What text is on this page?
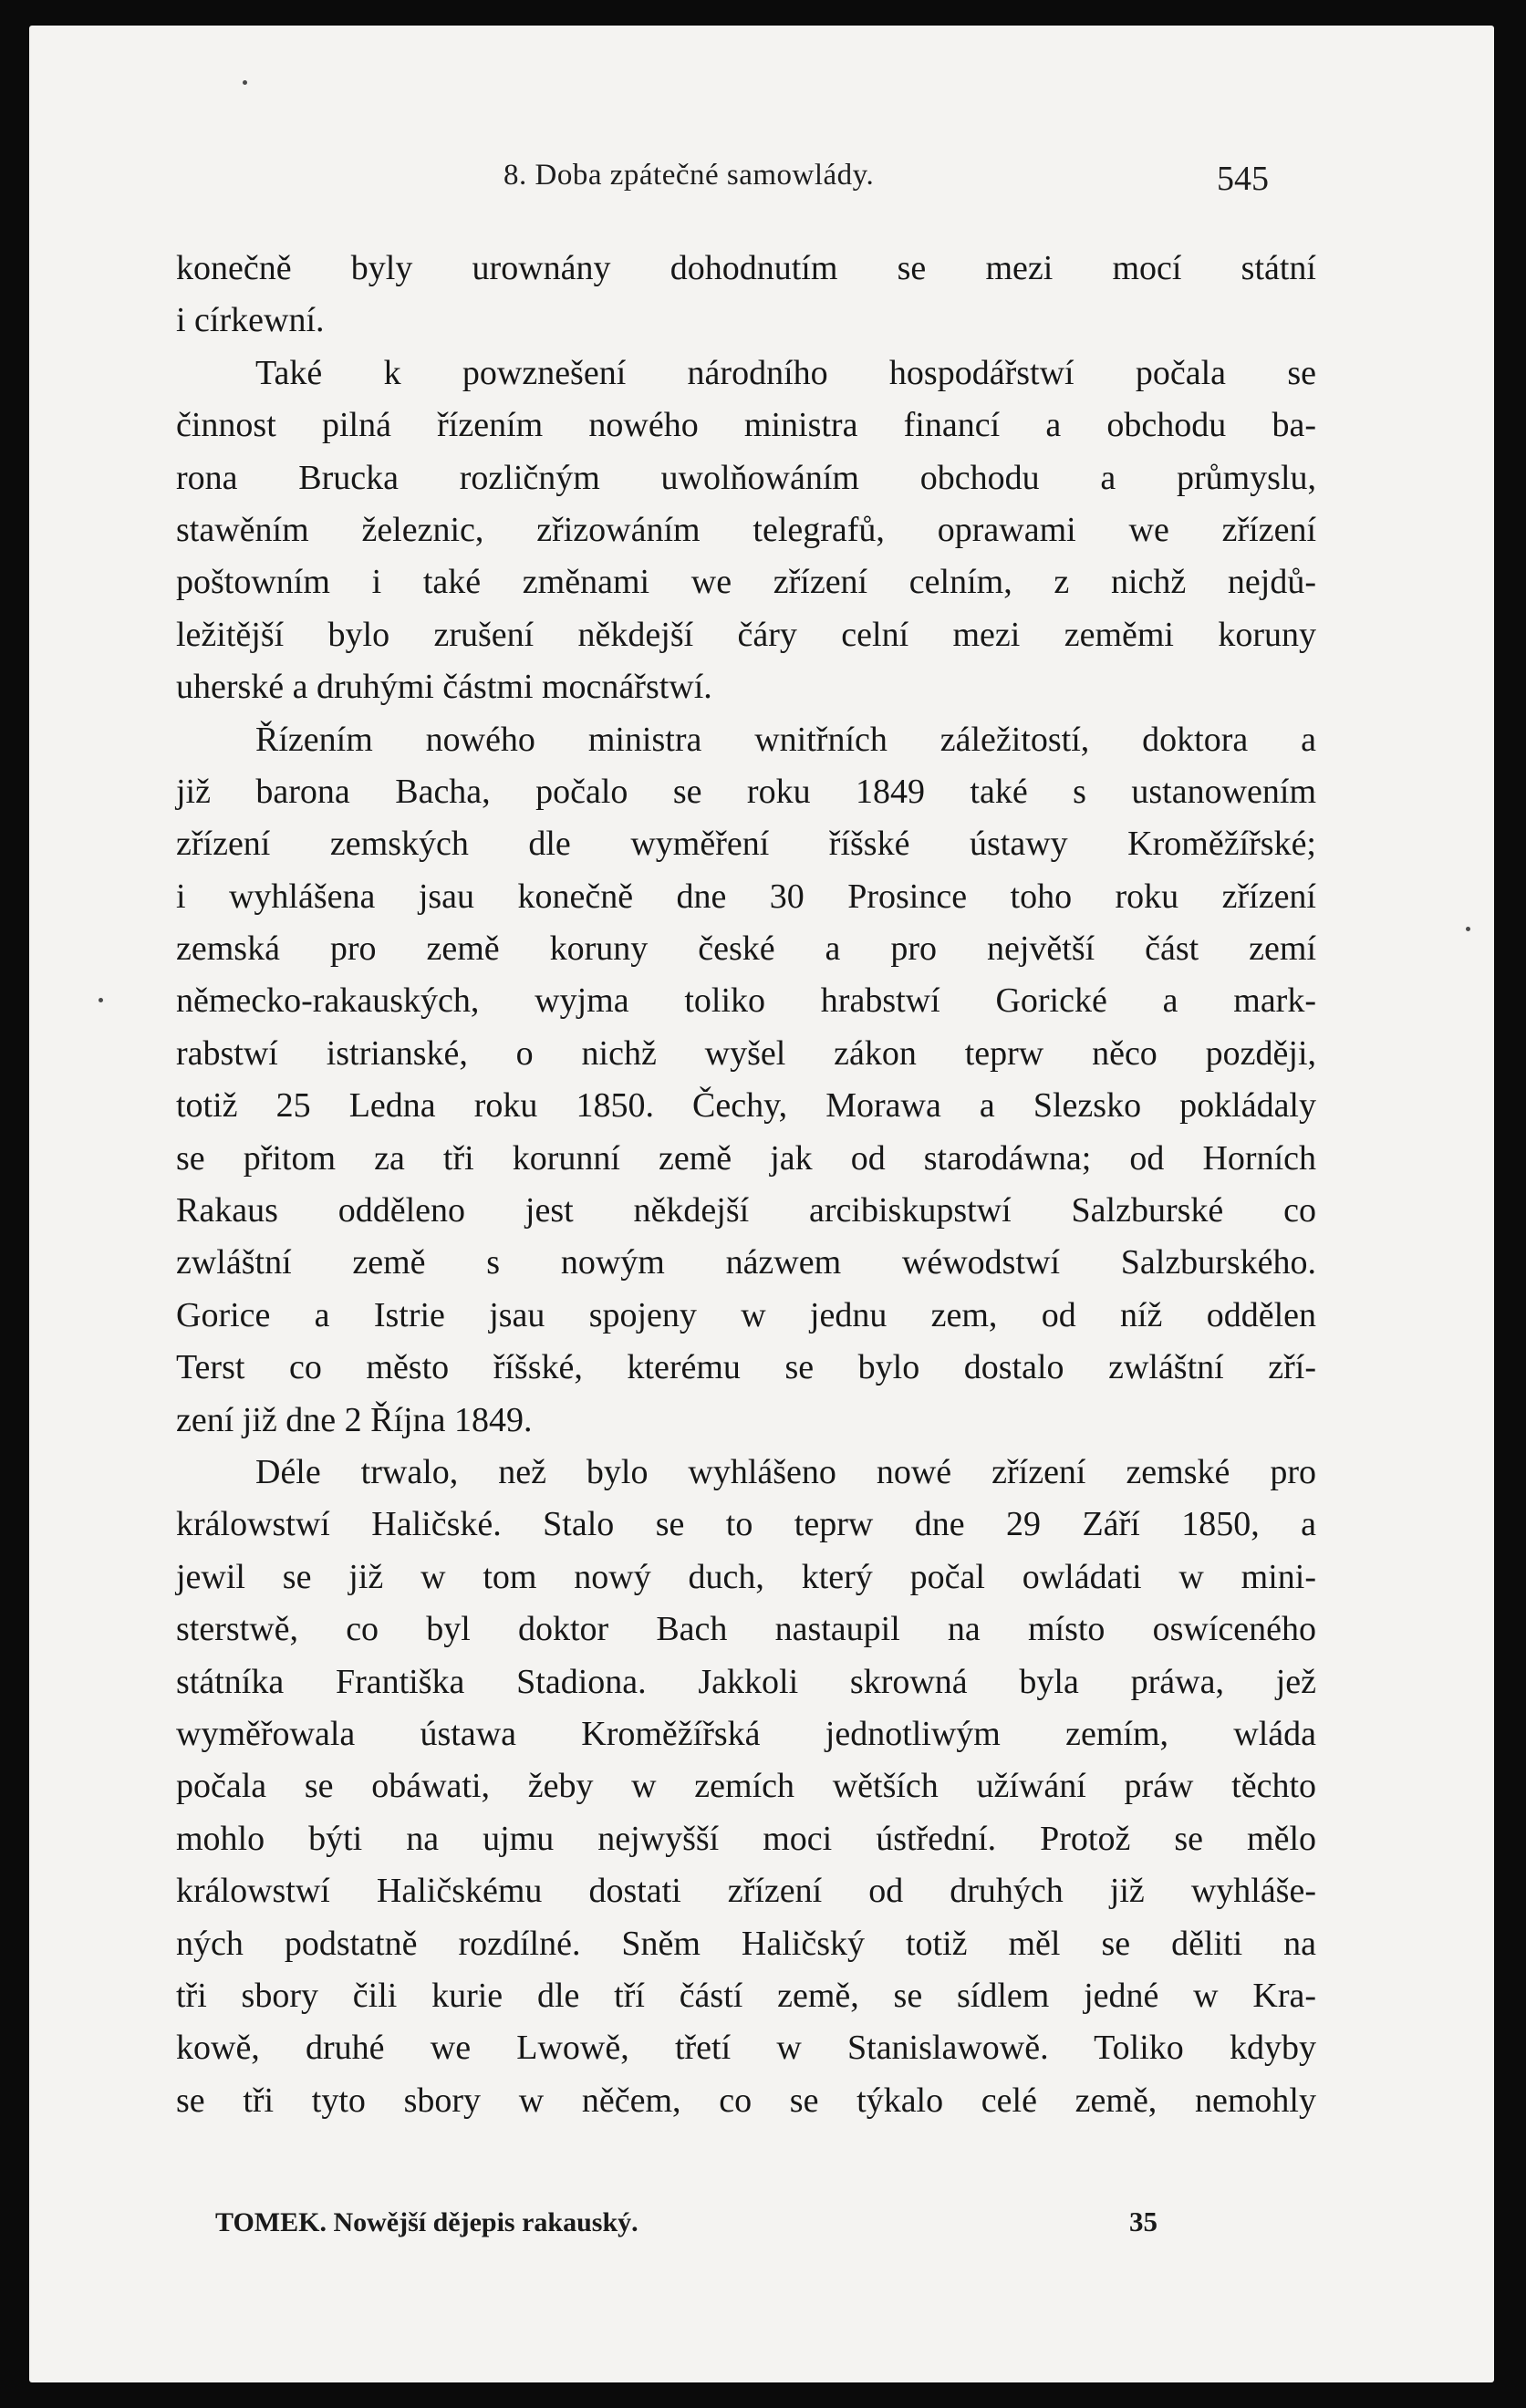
8. Doba zpátečné samowlády.	545
konečně byly urownány dohodnutím se mezi mocí státní
i církewní.
Také k powznešení národního hospodářstwí počala se
činnost pilná řízením nowého ministra financí a obchodu ba-
rona Brucka rozličným uwolňowáním obchodu a průmyslu,
stawěním železnic, zřizowáním telegrafů, oprawami we zřízení
poštowním i také změnami we zřízení celním, z nichž nejdů-
ležitější bylo zrušení někdejší čáry celní mezi zeměmi koruny
uherské a druhými částmi mocnářstwí.
Řízením nowého ministra wnitřních záležitostí, doktora a
již barona Bacha, počalo se roku 1849 také s ustanowením
zřízení zemských dle wyměření říšské ústawy Kroměžířské;
i wyhlášena jsau konečně dne 30 Prosince toho roku zřízení
zemská pro země koruny české a pro největší část zemí
německo-rakauských, wyjma toliko hrabstwí Gorické a mark-
rabstwí istrianské, o nichž wyšel zákon teprw něco později,
totiž 25 Ledna roku 1850. Čechy, Morawa a Slezsko pokládaly
se přitom za tři korunní země jak od starodáwna; od Horních
Rakaus odděleno jest někdejší arcibiskupstwí Salzburské co
zwláštní země s nowým názwem wéwodstwí Salzburského.
Gorice a Istrie jsau spojeny w jednu zem, od níž oddělen
Terst co město říšské, kterému se bylo dostalo zwláštní zří-
zení již dne 2 Října 1849.
Déle trwalo, než bylo wyhlášeno nowé zřízení zemské pro
králowstwí Haličské. Stalo se to teprw dne 29 Září 1850, a
jewil se již w tom nowý duch, který počal owládati w mini-
sterstwě, co byl doktor Bach nastaupil na místo oswíceného
státníka Františka Stadiona. Jakkoli skrowná byla práwa, jež
wyměřowala ústawa Kroměžířská jednotliwým zemím, wláda
počala se obáwati, žeby w zemích wětších užíwání práw těchto
mohlo býti na ujmu nejwyšší moci ústřední. Protož se mělo
králowstwí Haličskému dostati zřízení od druhých již wyhláše-
ných podstatně rozdílné. Sněm Haličský totiž měl se děliti na
tři sbory čili kurie dle tří částí země, se sídlem jedné w Kra-
kowě, druhé we Lwowě, třetí w Stanislawowě. Toliko kdyby
se tři tyto sbory w něčem, co se týkalo celé země, nemohly
TOMEK. Nowější dějepis rakauský.	35
